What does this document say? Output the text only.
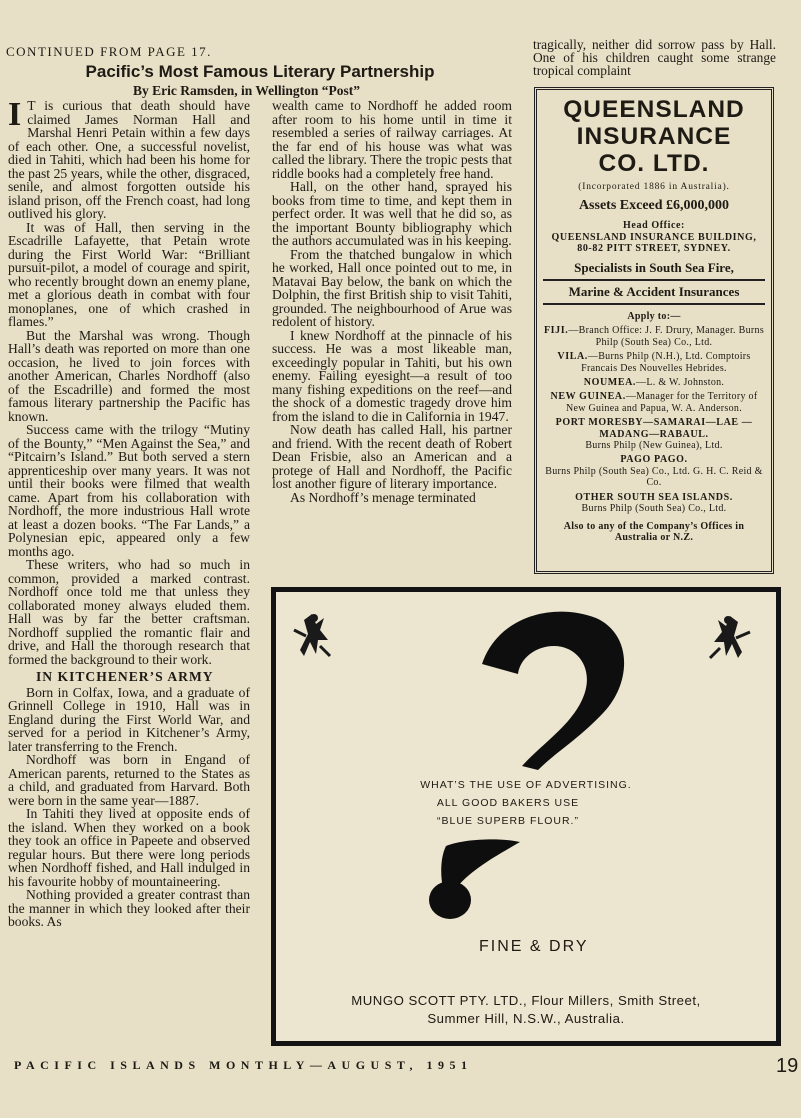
CONTINUED FROM PAGE 17.
Pacific’s Most Famous Literary Partnership
By Eric Ramsden, in Wellington “Post”

I T is curious that death should have claimed James Norman Hall and Marshal Henri Petain within a few days of each other. One, a successful novelist, died in Tahiti, which had been his home for the past 25 years, while the other, disgraced, senile, and almost forgotten outside his island prison, off the French coast, had long outlived his glory.

It was of Hall, then serving in the Escadrille Lafayette, that Petain wrote during the First World War: “Brilliant pursuit-pilot, a model of courage and spirit, who recently brought down an enemy plane, met a glorious death in combat with four monoplanes, one of which crashed in flames.”

But the Marshal was wrong. Though Hall’s death was reported on more than one occasion, he lived to join forces with another American, Charles Nordhoff (also of the Escadrille) and formed the most famous literary partnership the Pacific has known.

Success came with the trilogy “Mutiny of the Bounty,” “Men Against the Sea,” and “Pitcairn’s Island.” But both served a stern apprenticeship over many years. It was not until their books were filmed that wealth came. Apart from his collaboration with Nordhoff, the more industrious Hall wrote at least a dozen books. “The Far Lands,” a Polynesian epic, appeared only a few months ago.

These writers, who had so much in common, provided a marked contrast. Nordhoff once told me that unless they collaborated money always eluded them. Hall was by far the better craftsman. Nordhoff supplied the romantic flair and drive, and Hall the thorough research that formed the background to their work.

IN KITCHENER’S ARMY

Born in Colfax, Iowa, and a graduate of Grinnell College in 1910, Hall was in England during the First World War, and served for a period in Kitchener’s Army, later transferring to the French.

Nordhoff was born in Engand of American parents, returned to the States as a child, and graduated from Harvard. Both were born in the same year—1887.

In Tahiti they lived at opposite ends of the island. When they worked on a book they took an office in Papeete and observed regular hours. But there were long periods when Nordhoff fished, and Hall indulged in his favourite hobby of mountaineering.

Nothing provided a greater contrast than the manner in which they looked after their books. As

wealth came to Nordhoff he added room after room to his home until in time it resembled a series of railway carriages. At the far end of his house was what was called the library. There the tropic pests that riddle books had a completely free hand.

Hall, on the other hand, sprayed his books from time to time, and kept them in perfect order. It was well that he did so, as the important Bounty bibliography which the authors accumulated was in his keeping.

From the thatched bungalow in which he worked, Hall once pointed out to me, in Matavai Bay below, the bank on which the Dolphin, the first British ship to visit Tahiti, grounded. The neighbourhood of Arue was redolent of history.

I knew Nordhoff at the pinnacle of his success. He was a most likeable man, exceedingly popular in Tahiti, but his own enemy. Failing eyesight—a result of too many fishing expeditions on the reef—and the shock of a domestic tragedy drove him from the island to die in California in 1947.

Now death has called Hall, his partner and friend. With the recent death of Robert Dean Frisbie, also an American and a protege of Hall and Nordhoff, the Pacific lost another figure of literary importance.

As Nordhoff’s menage terminated

tragically, neither did sorrow pass by Hall. One of his children caught some strange tropical complaint
QUEENSLAND
INSURANCE
CO. LTD.
(Incorporated 1886 in Australia).
Assets Exceed £6,000,000
Head Office:
QUEENSLAND INSURANCE BUILDING, 80-82 PITT STREET, SYDNEY.
Specialists in South Sea Fire,
Marine & Accident Insurances
Apply to:—
FIJI.—Branch Office: J. F. Drury, Manager. Burns Philp (South Sea) Co., Ltd.
VILA.—Burns Philp (N.H.), Ltd. Comptoirs Francais Des Nouvelles Hebrides.
NOUMEA.—L. & W. Johnston.
NEW GUINEA.—Manager for the Territory of New Guinea and Papua, W. A. Anderson.
PORT MORESBY—SAMARAI—LAE —MADANG—RABAUL.
Burns Philp (New Guinea), Ltd.
PAGO PAGO.
Burns Philp (South Sea) Co., Ltd. G. H. C. Reid & Co.
OTHER SOUTH SEA ISLANDS.
Burns Philp (South Sea) Co., Ltd.
Also to any of the Company’s Offices in Australia or N.Z.
WHAT’S THE USE OF ADVERTISING.
ALL GOOD BAKERS USE
“BLUE SUPERB FLOUR.”
FINE & DRY
MUNGO SCOTT PTY. LTD., Flour Millers, Smith Street,
Summer Hill, N.S.W., Australia.
PACIFIC ISLANDS MONTHLY—AUGUST, 1951	19
